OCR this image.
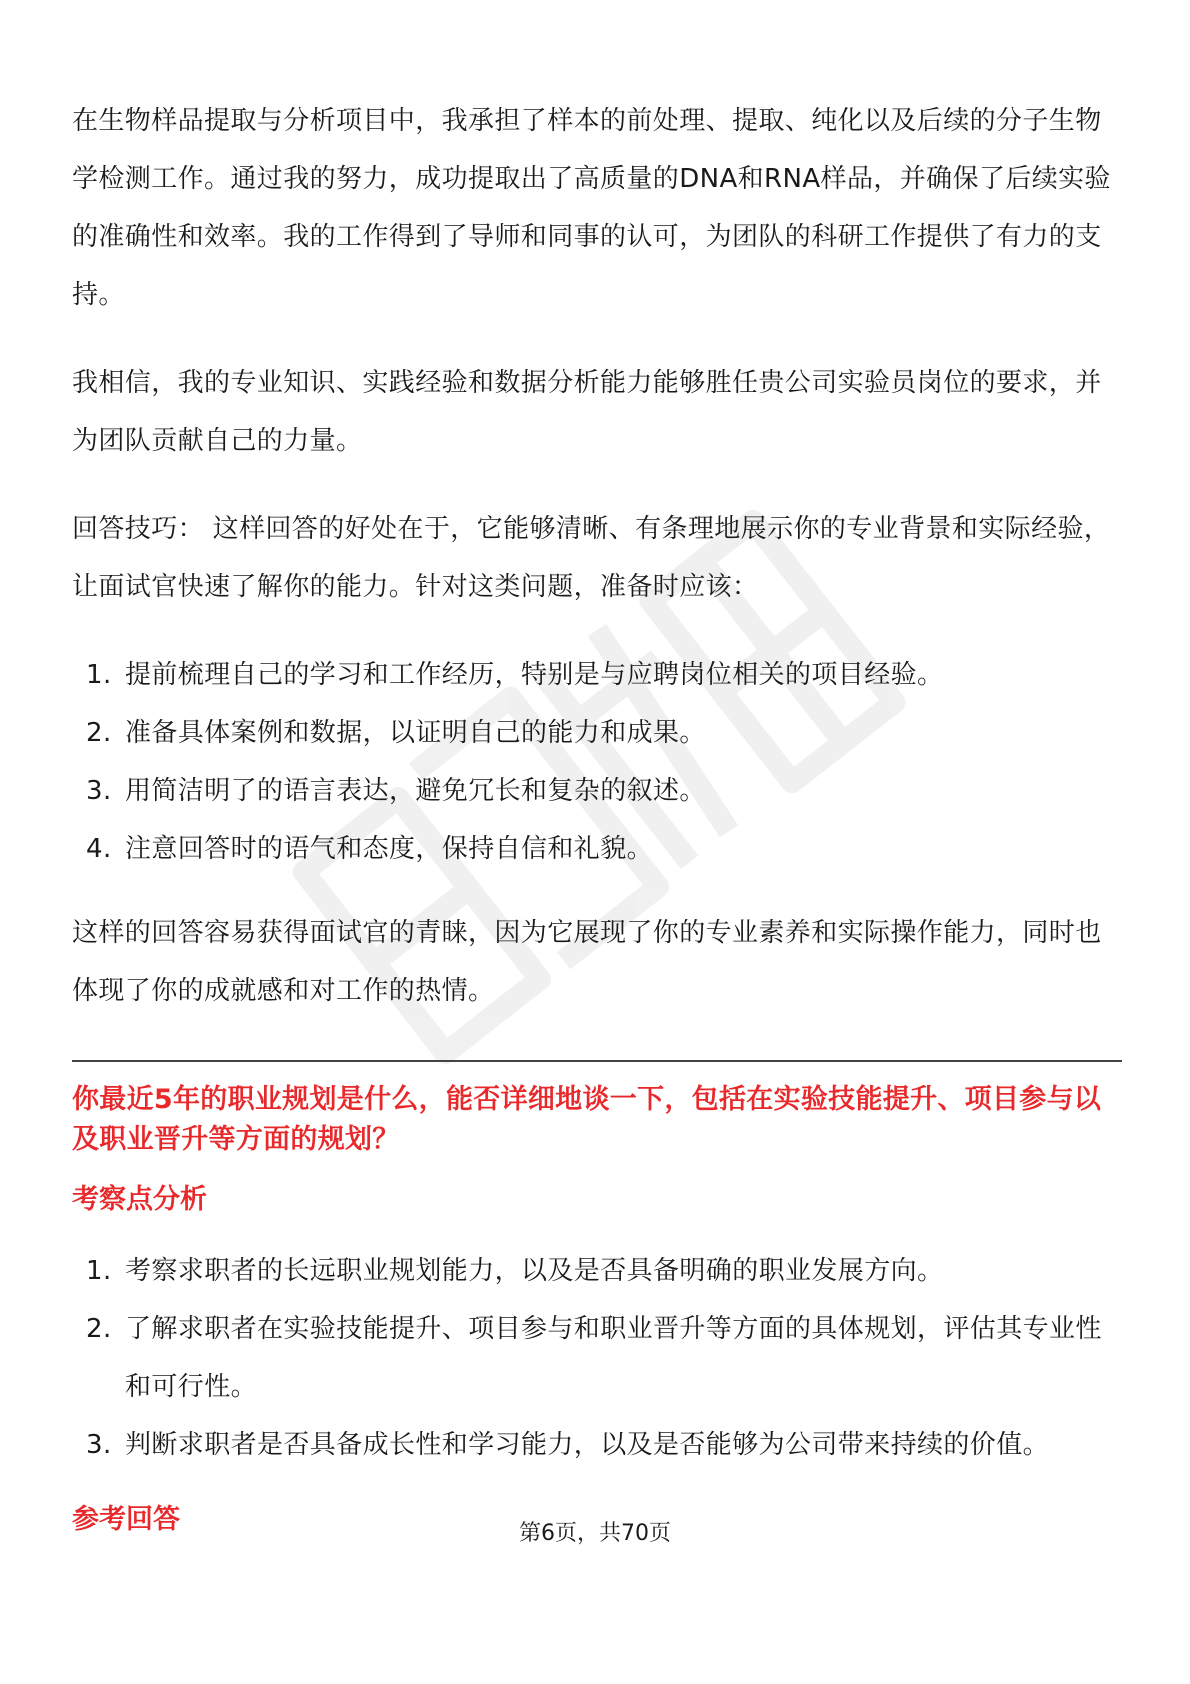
在生物样品提取与分析项目中，我承担了样本的前处理、提取、纯化以及后续的分子生物学检测工作。通过我的努力，成功提取出了高质量的DNA和RNA样品，并确保了后续实验的准确性和效率。我的工作得到了导师和同事的认可，为团队的科研工作提供了有力的支持。

我相信，我的专业知识、实践经验和数据分析能力能够胜任贵公司实验员岗位的要求，并为团队贡献自己的力量。

回答技巧： 这样回答的好处在于，它能够清晰、有条理地展示你的专业背景和实际经验，让面试官快速了解你的能力。针对这类问题，准备时应该：

1. 提前梳理自己的学习和工作经历，特别是与应聘岗位相关的项目经验。
2. 准备具体案例和数据，以证明自己的能力和成果。
3. 用简洁明了的语言表达，避免冗长和复杂的叙述。
4. 注意回答时的语气和态度，保持自信和礼貌。

这样的回答容易获得面试官的青睐，因为它展现了你的专业素养和实际操作能力，同时也体现了你的成就感和对工作的热情。

你最近5年的职业规划是什么，能否详细地谈一下，包括在实验技能提升、项目参与以及职业晋升等方面的规划？
考察点分析
1. 考察求职者的长远职业规划能力，以及是否具备明确的职业发展方向。
2. 了解求职者在实验技能提升、项目参与和职业晋升等方面的具体规划，评估其专业性和可行性。
3. 判断求职者是否具备成长性和学习能力，以及是否能够为公司带来持续的价值。
参考回答	第6页，共70页
